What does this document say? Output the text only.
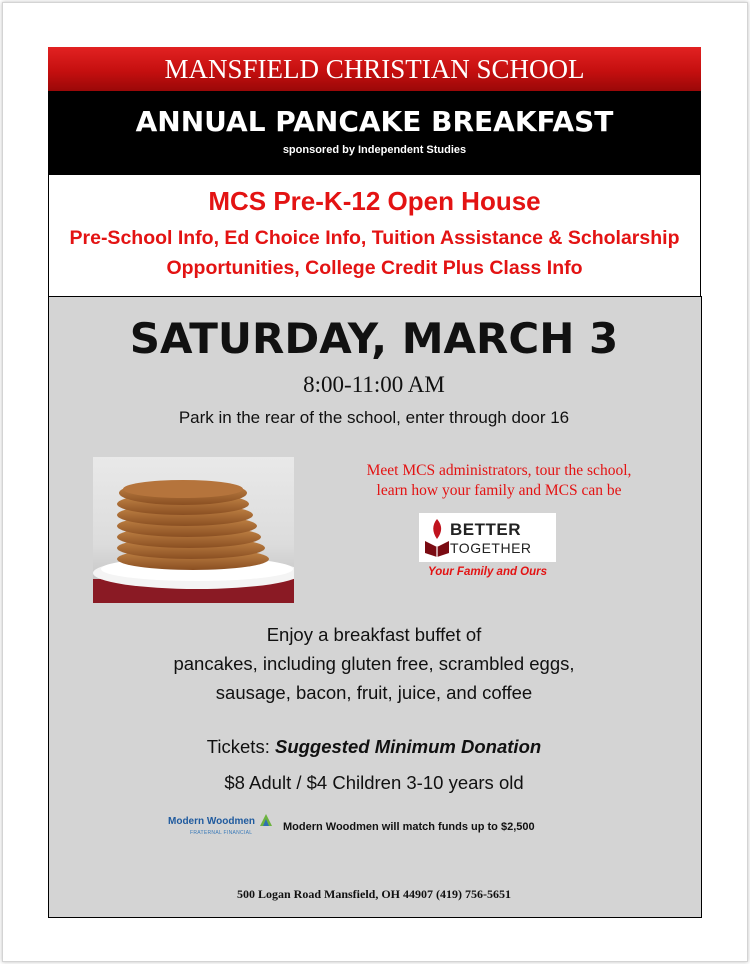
MANSFIELD CHRISTIAN SCHOOL
ANNUAL PANCAKE BREAKFAST
sponsored by Independent Studies
MCS Pre-K-12 Open House
Pre-School Info, Ed Choice Info, Tuition Assistance & Scholarship
Opportunities, College Credit Plus Class Info
SATURDAY, MARCH 3
8:00-11:00 AM
Park in the rear of the school, enter through door 16
Meet MCS administrators, tour the school,
learn how your family and MCS can be
BETTER
TOGETHER
Your Family and Ours
Enjoy a breakfast buffet of
pancakes, including gluten free, scrambled eggs,
sausage, bacon, fruit, juice, and coffee
Tickets: Suggested Minimum Donation
$8 Adult / $4 Children 3-10 years old
Modern Woodmen
FRATERNAL FINANCIAL	Modern Woodmen will match funds up to $2,500
500 Logan Road Mansfield, OH 44907 (419) 756-5651
